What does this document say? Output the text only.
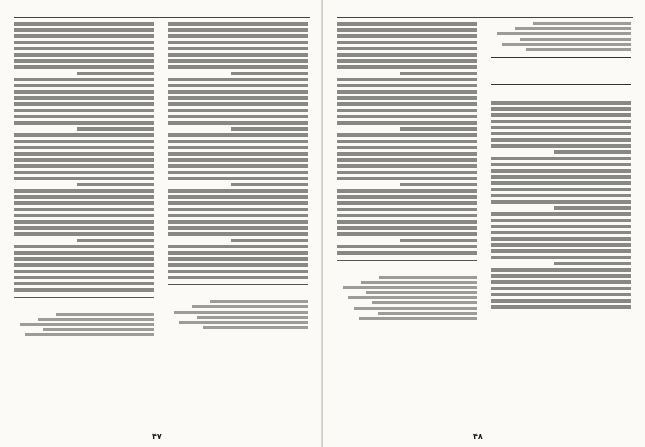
۴۷	۴۸
